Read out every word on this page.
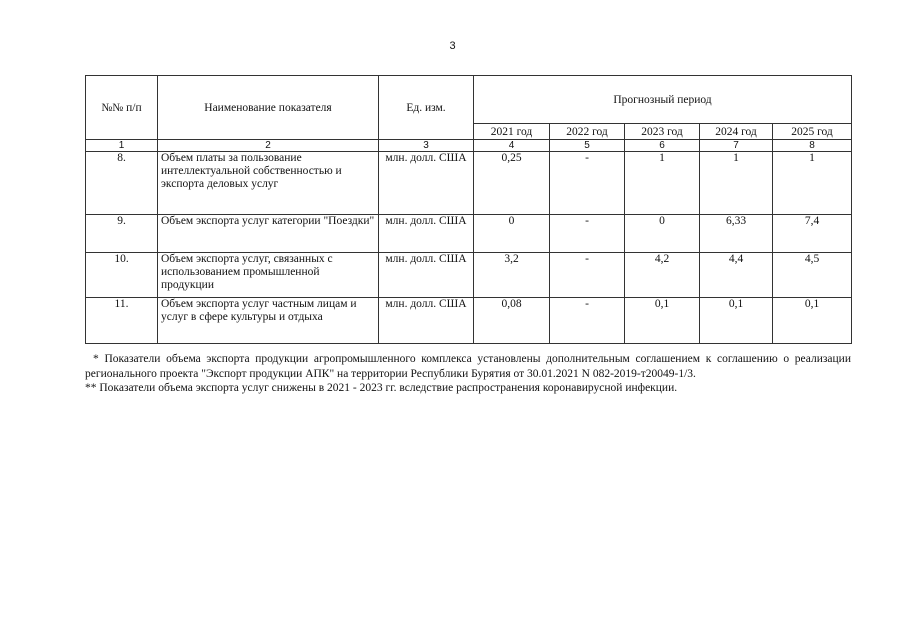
3
№№ п/п	Наименование показателя	Ед. изм.	Прогнозный период				
			2021 год	2022 год	2023 год	2024 год	2025 год
1	2	3	4	5	6	7	8
8.	Объем платы за пользование интеллектуальной собственностью и экспорта деловых услуг	млн. долл. США	0,25	-	1	1	1
9.	Объем экспорта услуг категории "Поездки"	млн. долл. США	0	-	0	6,33	7,4
10.	Объем экспорта услуг, связанных с использованием промышленной продукции	млн. долл. США	3,2	-	4,2	4,4	4,5
11.	Объем экспорта услуг частным лицам и услуг в сфере культуры и отдыха	млн. долл. США	0,08	-	0,1	0,1	0,1

* Показатели объема экспорта продукции агропромышленного комплекса установлены дополнительным соглашением к соглашению о реализации регионального проекта "Экспорт продукции АПК" на территории Республики Бурятия от 30.01.2021 N 082-2019-т20049-1/3.

** Показатели объема экспорта услуг снижены в 2021 - 2023 гг. вследствие распространения коронавирусной инфекции.
